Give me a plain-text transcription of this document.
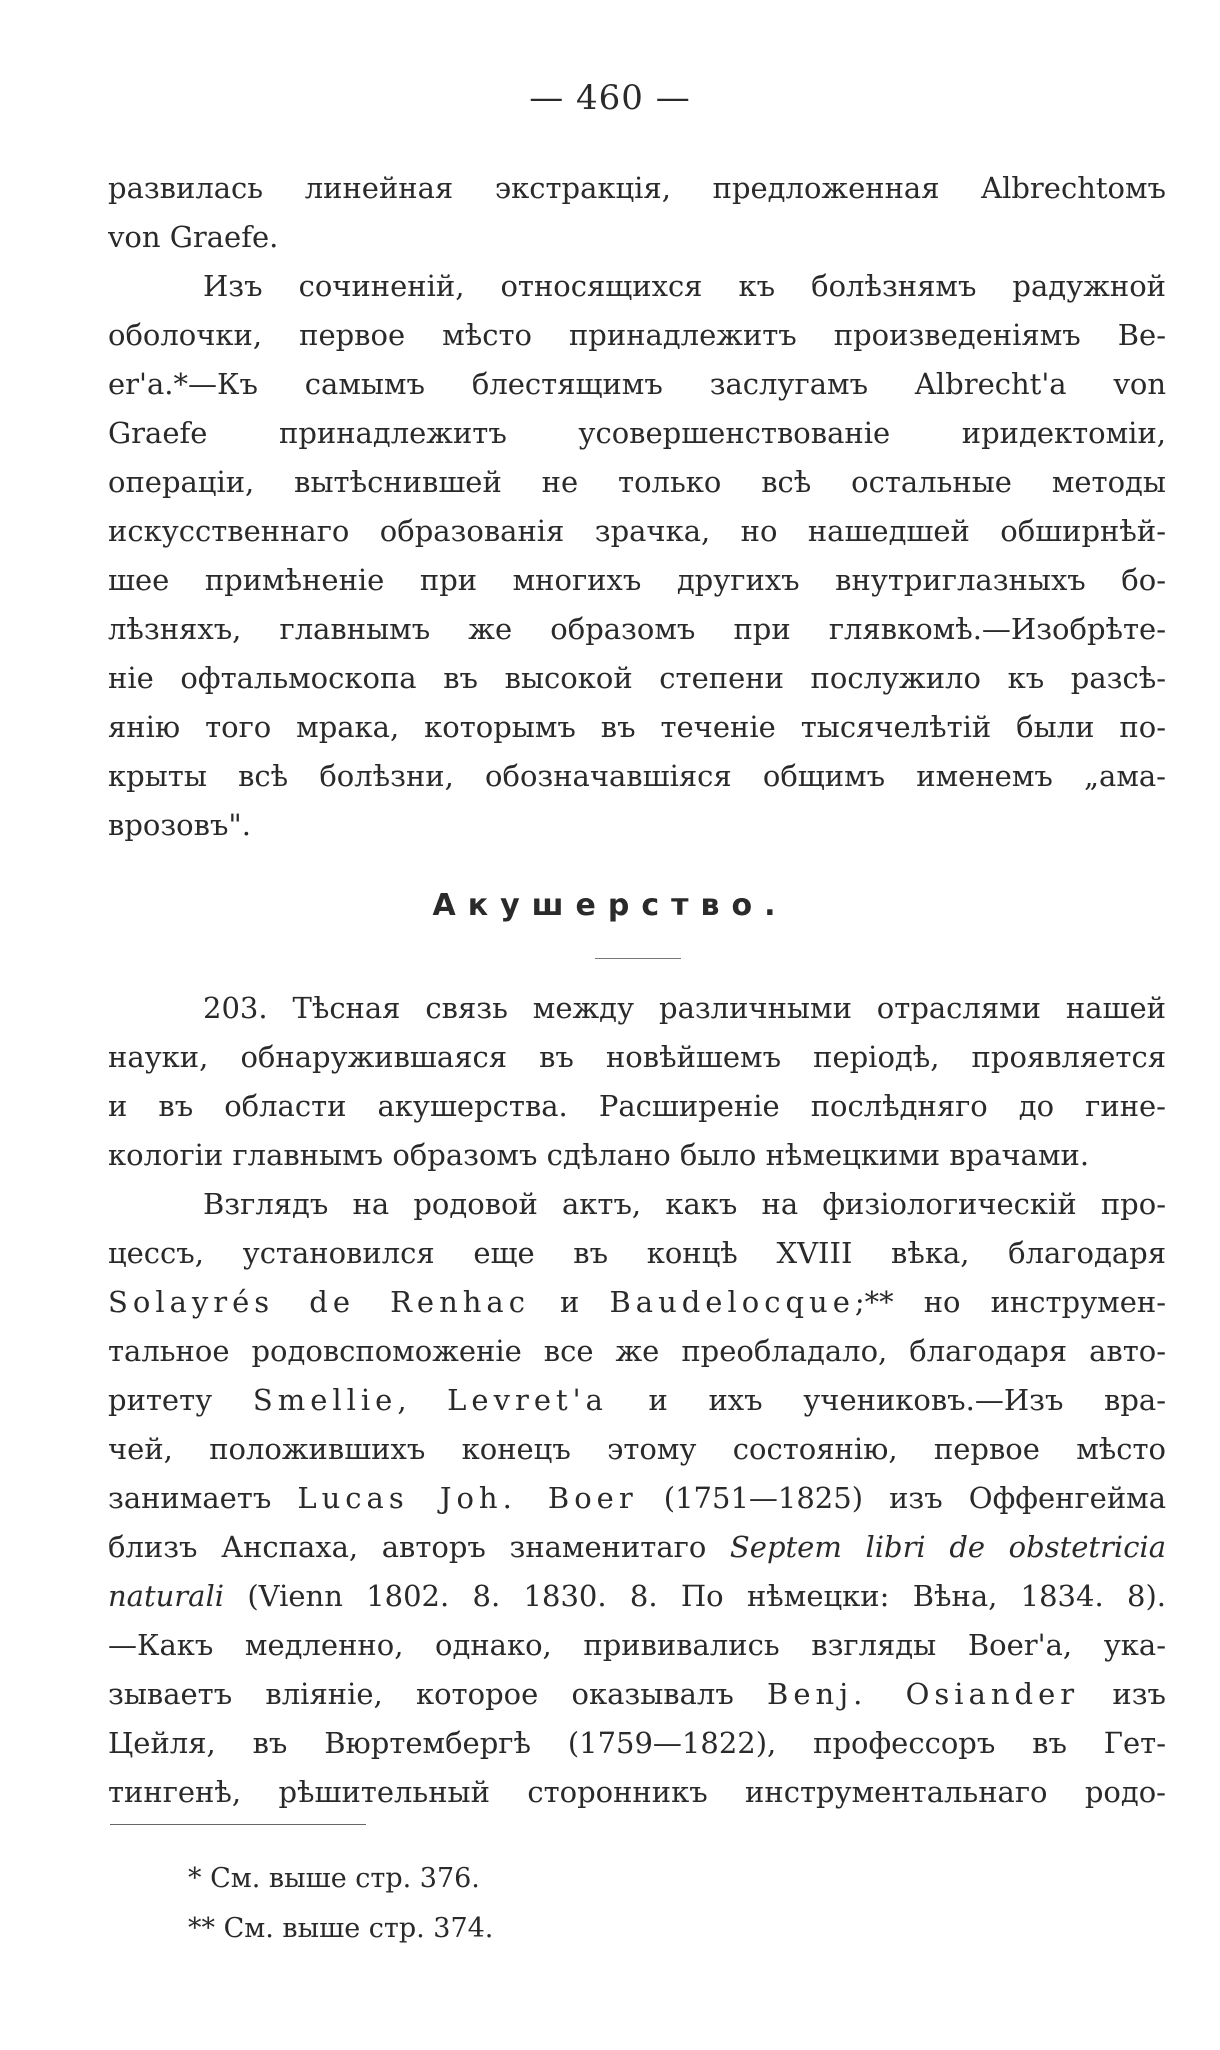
— 460 —
развилась линейная экстракція, предложенная Albrechtомъ
von Graefe.
Изъ сочиненій, относящихся къ болѣзнямъ радужной
оболочки, первое мѣсто принадлежитъ произведеніямъ Be-
er'a.*—Къ самымъ блестящимъ заслугамъ Albrecht'a von
Graefe принадлежитъ усовершенствованіе иридектоміи,
операціи, вытѣснившей не только всѣ остальные методы
искусственнаго образованія зрачка, но нашедшей обширнѣй-
шее примѣненіе при многихъ другихъ внутриглазныхъ бо-
лѣзняхъ, главнымъ же образомъ при глявкомѣ.—Изобрѣте-
ніе офтальмоскопа въ высокой степени послужило къ разсѣ-
янію того мрака, которымъ въ теченіе тысячелѣтій были по-
крыты всѣ болѣзни, обозначавшіяся общимъ именемъ „ама-
врозовъ".
Акушерство.
203. Тѣсная связь между различными отраслями нашей
науки, обнаружившаяся въ новѣйшемъ періодѣ, проявляется
и въ области акушерства. Расширеніе послѣдняго до гине-
кологіи главнымъ образомъ сдѣлано было нѣмецкими врачами.
Взглядъ на родовой актъ, какъ на физіологическій про-
цессъ, установился еще въ концѣ XVIII вѣка, благодаря
Solayrés de Renhac и Baudelocque;** но инструмен-
тальное родовспоможеніе все же преобладало, благодаря авто-
ритету Smellie, Levret'a и ихъ учениковъ.—Изъ вра-
чей, положившихъ конецъ этому состоянію, первое мѣсто
занимаетъ Lucas Joh. Boer (1751—1825) изъ Оффенгейма
близъ Анспаха, авторъ знаменитаго Septem libri de obstetricia
naturali (Vienn 1802. 8. 1830. 8. По нѣмецки: Вѣна, 1834. 8).
—Какъ медленно, однако, прививались взгляды Boer'a, ука-
зываетъ вліяніе, которое оказывалъ Benj. Osiander изъ
Цейля, въ Вюртембергѣ (1759—1822), профессоръ въ Гет-
тингенѣ, рѣшительный сторонникъ инструментальнаго родо-
* См. выше стр. 376.
** См. выше стр. 374.
